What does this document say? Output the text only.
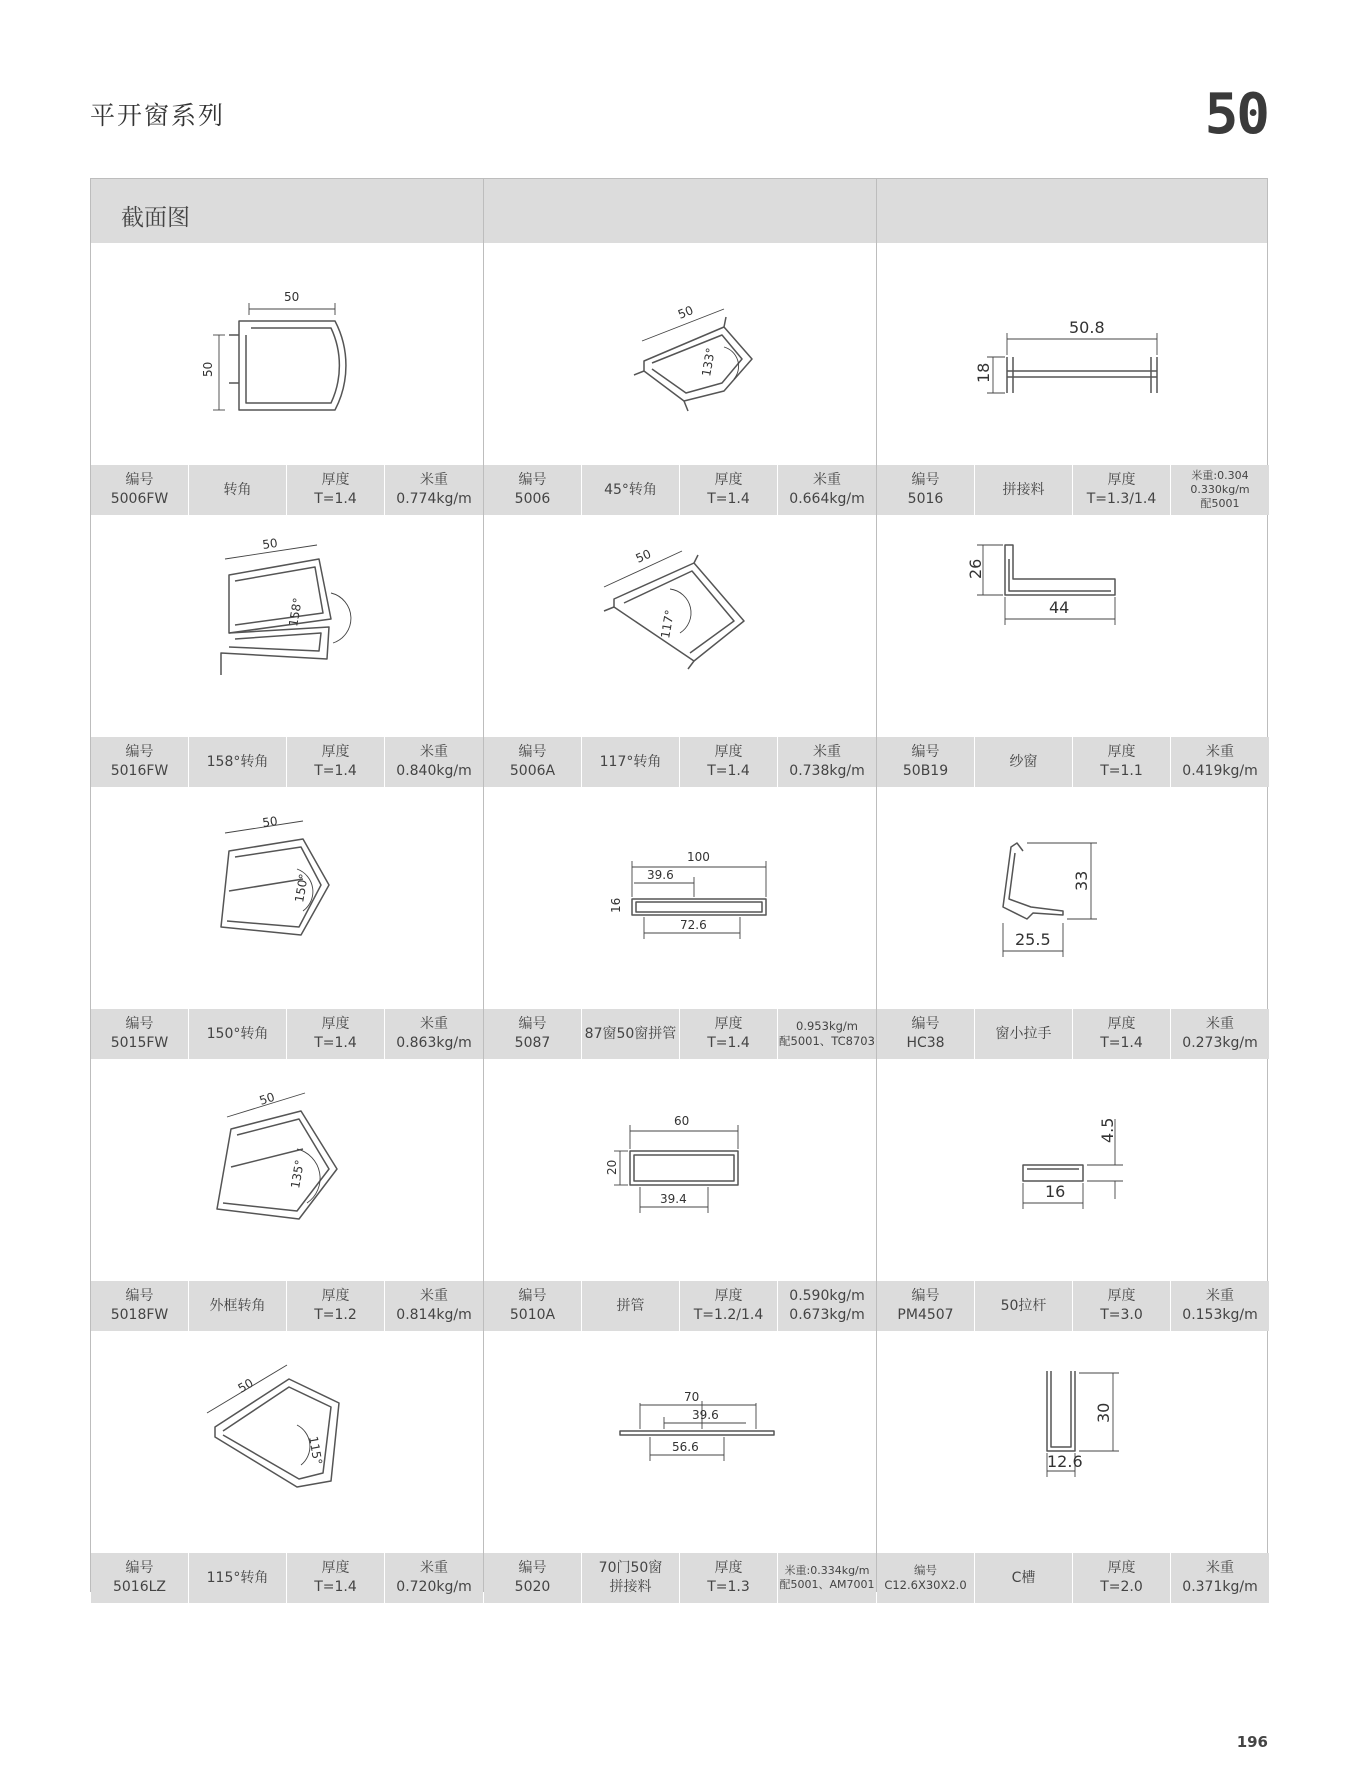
平开窗系列	50
截面图
50
50
编号
5006FW
转角
厚度
T=1.4
米重
0.774kg/m
50
133°
编号
5006
45°转角
厚度
T=1.4
米重
0.664kg/m
50.8
18
编号
5016
拼接料
厚度
T=1.3/1.4
米重:0.304
0.330kg/m
配5001
50
158°
编号
5016FW
158°转角
厚度
T=1.4
米重
0.840kg/m
50
117°
编号
5006A
117°转角
厚度
T=1.4
米重
0.738kg/m
26
44
编号
50B19
纱窗
厚度
T=1.1
米重
0.419kg/m
50
150°
编号
5015FW
150°转角
厚度
T=1.4
米重
0.863kg/m
100
39.6
16
72.6
编号
5087
87窗50窗拼管
厚度
T=1.4
0.953kg/m
配5001、TC8703
33
25.5
编号
HC38
窗小拉手
厚度
T=1.4
米重
0.273kg/m
50
135°
编号
5018FW
外框转角
厚度
T=1.2
米重
0.814kg/m
60
20
39.4
编号
5010A
拼管
厚度
T=1.2/1.4
0.590kg/m
0.673kg/m
4.5
16
编号
PM4507
50拉杆
厚度
T=3.0
米重
0.153kg/m
50
115°
编号
5016LZ
115°转角
厚度
T=1.4
米重
0.720kg/m
70
39.6
56.6
编号
5020
70门50窗
拼接料
厚度
T=1.3
米重:0.334kg/m
配5001、AM7001
30
12.6
编号
C12.6X30X2.0	C槽
厚度
T=2.0
米重
0.371kg/m
196
